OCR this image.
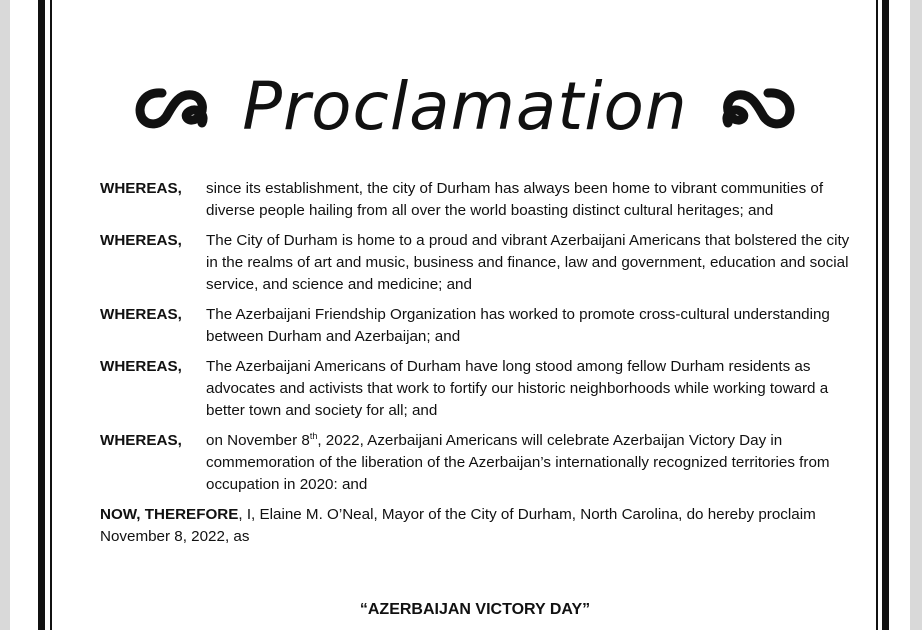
Proclamation
WHEREAS,	since its establishment, the city of Durham has always been home to vibrant communities of diverse people hailing from all over the world boasting distinct cultural heritages; and
WHEREAS,	The City of Durham is home to a proud and vibrant Azerbaijani Americans that bolstered the city in the realms of art and music, business and finance, law and government, education and social service, and science and medicine; and
WHEREAS,	The Azerbaijani Friendship Organization has worked to promote cross-cultural understanding between Durham and Azerbaijan; and
WHEREAS,	The Azerbaijani Americans of Durham have long stood among fellow Durham residents as advocates and activists that work to fortify our historic neighborhoods while working toward a better town and society for all; and
WHEREAS,	on November 8th, 2022, Azerbaijani Americans will celebrate Azerbaijan Victory Day in commemoration of the liberation of the Azerbaijan’s internationally recognized territories from occupation in 2020: and
NOW, THEREFORE, I, Elaine M. O’Neal, Mayor of the City of Durham, North Carolina, do hereby proclaim November 8, 2022, as
“AZERBAIJAN VICTORY DAY”
